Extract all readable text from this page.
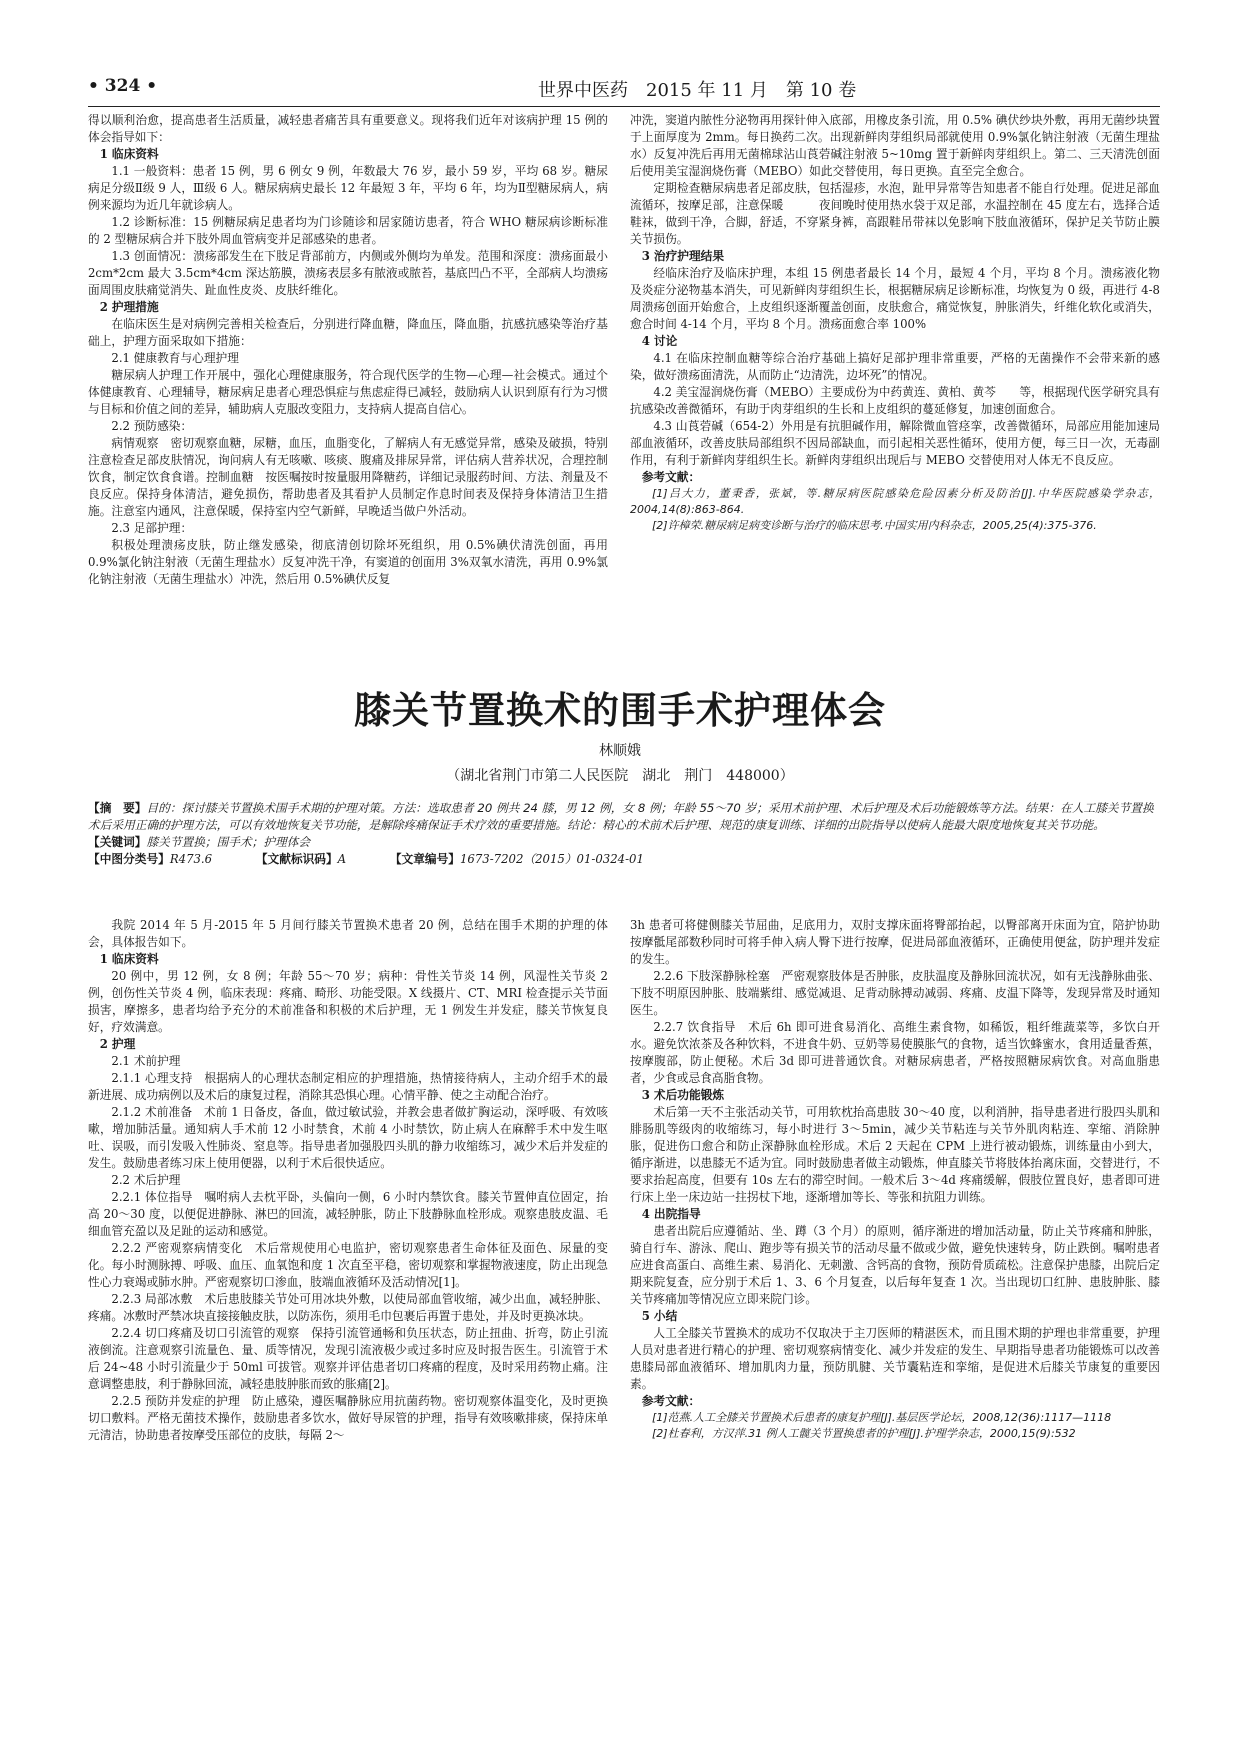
• 324 •	世界中医药　2015 年 11 月　第 10 卷

得以顺利治愈，提高患者生活质量，减轻患者痛苦具有重要意义。现将我们近年对该病护理 15 例的体会指导如下：

1 临床资料

1.1 一般资料：患者 15 例，男 6 例女 9 例，年数最大 76 岁，最小 59 岁，平均 68 岁。糖尿病足分级Ⅱ级 9 人，Ⅲ级 6 人。糖尿病病史最长 12 年最短 3 年，平均 6 年，均为Ⅱ型糖尿病人，病例来源均为近几年就诊病人。

1.2 诊断标准：15 例糖尿病足患者均为门诊随诊和居家随访患者，符合 WHO 糖尿病诊断标准的 2 型糖尿病合并下肢外周血管病变并足部感染的患者。

1.3 创面情况：溃疡部发生在下肢足背部前方，内侧或外侧均为单发。范围和深度：溃疡面最小 2cm*2cm 最大 3.5cm*4cm 深达筋膜，溃疡表层多有脓液或脓苔，基底凹凸不平，全部病人均溃疡面周围皮肤痛觉消失、趾血性皮炎、皮肤纤维化。

2 护理措施

在临床医生是对病例完善相关检查后，分别进行降血糖，降血压，降血脂，抗感抗感染等治疗基础上，护理方面采取如下措施：

2.1 健康教育与心理护理

糖尿病人护理工作开展中，强化心理健康服务，符合现代医学的生物—心理—社会模式。通过个体健康教育、心理辅导，糖尿病足患者心理恐惧症与焦虑症得已减轻，鼓励病人认识到原有行为习惯与目标和价值之间的差异，辅助病人克服改变阻力，支持病人提高自信心。

2.2 预防感染：

病情观察　密切观察血糖，尿糖，血压，血脂变化，了解病人有无感觉异常，感染及破损，特别注意检查足部皮肤情况，询问病人有无咳嗽、咳痰、腹痛及排尿异常，评估病人营养状况，合理控制饮食，制定饮食食谱。控制血糖　按医嘱按时按量服用降糖药，详细记录服药时间、方法、剂量及不良反应。保持身体清洁，避免损伤，帮助患者及其看护人员制定作息时间表及保持身体清洁卫生措施。注意室内通风，注意保暖，保持室内空气新鲜，早晚适当做户外活动。

2.3 足部护理：

积极处理溃疡皮肤，防止继发感染，彻底清创切除坏死组织，用 0.5%碘伏清洗创面，再用 0.9%氯化钠注射液（无菌生理盐水）反复冲洗干净，有窦道的创面用 3%双氧水清洗，再用 0.9%氯化钠注射液（无菌生理盐水）冲洗，然后用 0.5%碘伏反复

冲洗，窦道内脓性分泌物再用探针伸入底部，用橡皮条引流，用 0.5% 碘伏纱块外敷，再用无菌纱块置于上面厚度为 2mm。每日换药二次。出现新鲜肉芽组织局部就使用 0.9%氯化钠注射液（无菌生理盐水）反复冲洗后再用无菌棉球沾山莨菪碱注射液 5~10mg 置于新鲜肉芽组织上。第二、三天清洗创面后使用美宝湿润烧伤膏（MEBO）如此交替使用，每日更换。直至完全愈合。

定期检查糖尿病患者足部皮肤，包括湿疹，水泡，趾甲异常等告知患者不能自行处理。促进足部血流循环，按摩足部，注意保暖　　　夜间晚时使用热水袋于双足部，水温控制在 45 度左右，选择合适鞋袜，做到干净，合脚，舒适，不穿紧身裤，高跟鞋吊带袜以免影响下肢血液循环，保护足关节防止膜关节损伤。

3 治疗护理结果

经临床治疗及临床护理，本组 15 例患者最长 14 个月，最短 4 个月，平均 8 个月。溃疡液化物及炎症分泌物基本消失，可见新鲜肉芽组织生长，根据糖尿病足诊断标准，均恢复为 0 级，再进行 4-8 周溃疡创面开始愈合，上皮组织逐渐覆盖创面，皮肤愈合，痛觉恢复，肿胀消失，纤维化软化或消失，愈合时间 4-14 个月，平均 8 个月。溃疡面愈合率 100%

4 讨论

4.1 在临床控制血糖等综合治疗基础上搞好足部护理非常重要，严格的无菌操作不会带来新的感染，做好溃疡面清洗，从而防止“边清洗，边坏死”的情况。

4.2 美宝湿润烧伤膏（MEBO）主要成份为中药黄连、黄柏、黄芩　　等，根据现代医学研究具有抗感染改善微循环，有助于肉芽组织的生长和上皮组织的蔓延修复，加速创面愈合。

4.3 山莨菪碱（654-2）外用是有抗胆碱作用，解除微血管痉挛，改善微循环，局部应用能加速局部血液循环，改善皮肤局部组织不因局部缺血，而引起相关恶性循环，使用方便，每三日一次，无毒副作用，有利于新鲜肉芽组织生长。新鲜肉芽组织出现后与 MEBO 交替使用对人体无不良反应。

参考文献：

[1]吕大力，董秉香，张斌，等.糖尿病医院感染危险因素分析及防治[J].中华医院感染学杂志，2004,14(8):863-864.

[2]许樟荣.糖尿病足病变诊断与治疗的临床思考.中国实用内科杂志，2005,25(4):375-376.

膝关节置换术的围手术护理体会
林顺娥
（湖北省荆门市第二人民医院　湖北　荆门　448000）

【摘　要】目的：探讨膝关节置换术围手术期的护理对策。方法：选取患者 20 例共 24 膝，男 12 例，女 8 例；年龄 55～70 岁；采用术前护理、术后护理及术后功能锻炼等方法。结果：在人工膝关节置换术后采用正确的护理方法，可以有效地恢复关节功能，是解除疼痛保证手术疗效的重要措施。结论：精心的术前术后护理、规范的康复训练、详细的出院指导以使病人能最大限度地恢复其关节功能。

【关键词】膝关节置换；围手术；护理体会

【中图分类号】R473.6	【文献标识码】A	【文章编号】1673-7202（2015）01-0324-01

我院 2014 年 5 月-2015 年 5 月间行膝关节置换术患者 20 例，总结在围手术期的护理的体会，具体报告如下。

1 临床资料

20 例中，男 12 例，女 8 例；年龄 55～70 岁；病种：骨性关节炎 14 例，风湿性关节炎 2 例，创伤性关节炎 4 例，临床表现：疼痛、畸形、功能受限。X 线摄片、CT、MRI 检查提示关节面损害，摩擦多，患者均给予充分的术前准备和积极的术后护理，无 1 例发生并发症，膝关节恢复良好，疗效满意。

2 护理

2.1 术前护理

2.1.1 心理支持　根据病人的心理状态制定相应的护理措施，热情接待病人，主动介绍手术的最新进展、成功病例以及术后的康复过程，消除其恐惧心理。心情平静、使之主动配合治疗。

2.1.2 术前准备　术前 1 日备皮，备血，做过敏试验，并教会患者做扩胸运动，深呼吸、有效咳嗽，增加肺活量。通知病人手术前 12 小时禁食，术前 4 小时禁饮，防止病人在麻醉手术中发生呕吐、误吸，而引发吸入性肺炎、窒息等。指导患者加强股四头肌的静力收缩练习，减少术后并发症的发生。鼓励患者练习床上使用便器，以利于术后很快适应。

2.2 术后护理

2.2.1 体位指导　嘱咐病人去枕平卧，头偏向一侧，6 小时内禁饮食。膝关节置伸直位固定，抬高 20～30 度，以便促进静脉、淋巴的回流，减轻肿胀，防止下肢静脉血栓形成。观察患肢皮温、毛细血管充盈以及足趾的运动和感觉。

2.2.2 严密观察病情变化　术后常规使用心电监护，密切观察患者生命体征及面色、尿量的变化。每小时测脉搏、呼吸、血压、血氧饱和度 1 次直至平稳，密切观察和掌握物液速度，防止出现急性心力衰竭或肺水肿。严密观察切口渗血，肢端血液循环及活动情况[1]。

2.2.3 局部冰敷　术后患肢膝关节处可用冰块外敷，以使局部血管收缩，减少出血，减轻肿胀、疼痛。冰敷时严禁冰块直接接触皮肤，以防冻伤，须用毛巾包裹后再置于患处，并及时更换冰块。

2.2.4 切口疼痛及切口引流管的观察　保持引流管通畅和负压状态，防止扭曲、折弯，防止引流液倒流。注意观察引流量色、量、质等情况，发现引流液极少或过多时应及时报告医生。引流管于术后 24~48 小时引流量少于 50ml 可拔管。观察并评估患者切口疼痛的程度，及时采用药物止痛。注意调整患肢，利于静脉回流，减轻患肢肿胀而致的胀痛[2]。

2.2.5 预防并发症的护理　防止感染，遵医嘱静脉应用抗菌药物。密切观察体温变化，及时更换切口敷料。严格无菌技术操作，鼓励患者多饮水，做好导尿管的护理，指导有效咳嗽排痰，保持床单元清洁，协助患者按摩受压部位的皮肤，每隔 2～

3h 患者可将健侧膝关节屈曲，足底用力，双肘支撑床面将臀部抬起，以臀部离开床面为宜，陪护协助按摩骶尾部数秒同时可将手伸入病人臀下进行按摩，促进局部血液循环，正确使用便盆，防护理并发症的发生。

2.2.6 下肢深静脉栓塞　严密观察肢体是否肿胀，皮肤温度及静脉回流状况，如有无浅静脉曲张、下肢不明原因肿胀、肢端紫绀、感觉减退、足背动脉搏动减弱、疼痛、皮温下降等，发现异常及时通知医生。

2.2.7 饮食指导　术后 6h 即可进食易消化、高维生素食物，如稀饭，粗纤维蔬菜等，多饮白开水。避免饮浓茶及各种饮料，不进食牛奶、豆奶等易使膜胀气的食物，适当饮蜂蜜水，食用适量香蕉，按摩腹部，防止便秘。术后 3d 即可进普通饮食。对糖尿病患者，严格按照糖尿病饮食。对高血脂患者，少食或忌食高脂食物。

3 术后功能锻炼

术后第一天不主张活动关节，可用软枕抬高患肢 30～40 度，以利消肿，指导患者进行股四头肌和腓肠肌等级肉的收缩练习，每小时进行 3～5min，减少关节粘连与关节外肌肉粘连、挛缩、消除肿胀，促进伤口愈合和防止深静脉血栓形成。术后 2 天起在 CPM 上进行被动锻炼，训练量由小到大，循序渐进，以患膝无不适为宜。同时鼓励患者做主动锻炼，伸直膝关节将肢体抬离床面，交替进行，不要求抬起高度，但要有 10s 左右的滞空时间。一般术后 3～4d 疼痛缓解，假肢位置良好，患者即可进行床上坐一床边站一拄拐杖下地，逐渐增加等长、等张和抗阻力训练。

4 出院指导

患者出院后应遵循站、坐、蹲（3 个月）的原则，循序渐进的增加活动量，防止关节疼痛和肿胀，骑自行车、游泳、爬山、跑步等有损关节的活动尽量不做或少做，避免快速转身，防止跌倒。嘱咐患者应进食高蛋白、高维生素、易消化、无刺激、含钙高的食物，预防骨质疏松。注意保护患膝，出院后定期来院复查，应分别于术后 1、3、6 个月复查，以后每年复查 1 次。当出现切口红肿、患肢肿胀、膝关节疼痛加等情况应立即来院门诊。

5 小结

人工全膝关节置换术的成功不仅取决于主刀医师的精湛医术，而且围术期的护理也非常重要，护理人员对患者进行精心的护理、密切观察病情变化、减少并发症的发生、早期指导患者功能锻炼可以改善患膝局部血液循环、增加肌肉力量，预防肌腱、关节囊粘连和挛缩，是促进术后膝关节康复的重要因素。

参考文献：

[1]范燕.人工全膝关节置换术后患者的康复护理[J].基层医学论坛，2008,12(36):1117—1118

[2]杜春利，方汉萍.31 例人工髋关节置换患者的护理[J].护理学杂志，2000,15(9):532
